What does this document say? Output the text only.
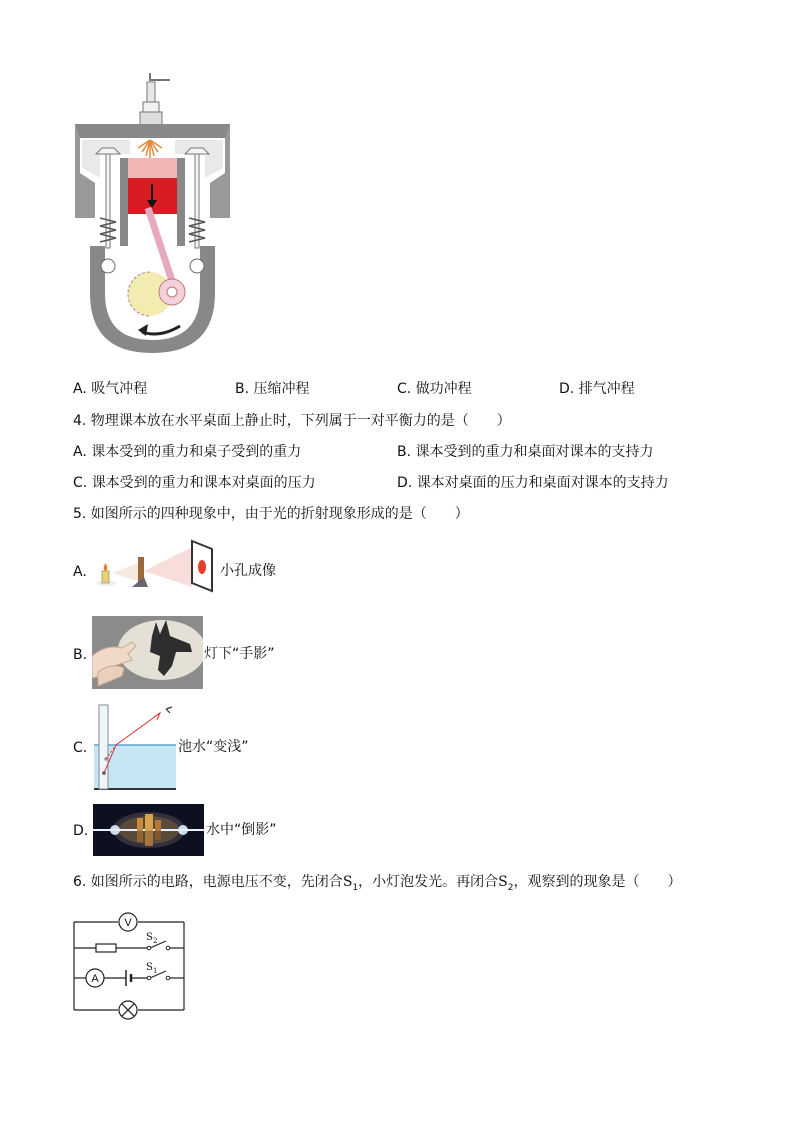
A. 吸气冲程	B. 压缩冲程	C. 做功冲程	D. 排气冲程
4. 物理课本放在水平桌面上静止时，下列属于一对平衡力的是（　　）
A. 课本受到的重力和桌子受到的重力	B. 课本受到的重力和桌面对课本的支持力
C. 课本受到的重力和课本对桌面的压力	D. 课本对桌面的压力和桌面对课本的支持力
5. 如图所示的四种现象中，由于光的折射现象形成的是（　　）
A.	小孔成像
B.	灯下“手影”
C.	池水“变浅”
D.	水中“倒影”
6. 如图所示的电路，电源电压不变，先闭合$S_1$，小灯泡发光。再闭合$S_2$，观察到的现象是（　　）
V
A
S 2
S 1
